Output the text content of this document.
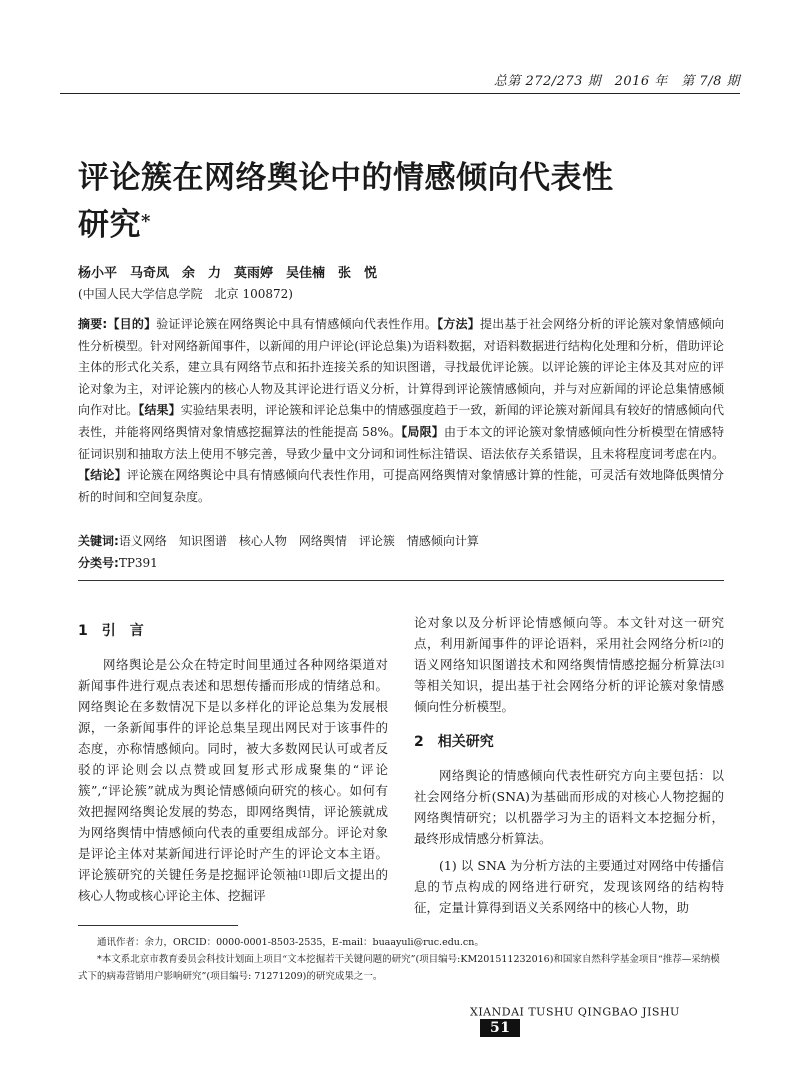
总第 272/273 期　2016 年　第 7/8 期
评论簇在网络舆论中的情感倾向代表性
研究*
杨小平　马奇凤　余　力　莫雨婷　吴佳楠　张　悦
(中国人民大学信息学院　北京 100872)
摘要:【目的】验证评论簇在网络舆论中具有情感倾向代表性作用。【方法】提出基于社会网络分析的评论簇对象情感倾向性分析模型。针对网络新闻事件，以新闻的用户评论(评论总集)为语料数据，对语料数据进行结构化处理和分析，借助评论主体的形式化关系，建立具有网络节点和拓扑连接关系的知识图谱，寻找最优评论簇。以评论簇的评论主体及其对应的评论对象为主，对评论簇内的核心人物及其评论进行语义分析，计算得到评论簇情感倾向，并与对应新闻的评论总集情感倾向作对比。【结果】实验结果表明，评论簇和评论总集中的情感强度趋于一致，新闻的评论簇对新闻具有较好的情感倾向代表性，并能将网络舆情对象情感挖掘算法的性能提高 58%。【局限】由于本文的评论簇对象情感倾向性分析模型在情感特征词识别和抽取方法上使用不够完善，导致少量中文分词和词性标注错误、语法依存关系错误，且未将程度词考虑在内。【结论】评论簇在网络舆论中具有情感倾向代表性作用，可提高网络舆情对象情感计算的性能，可灵活有效地降低舆情分析的时间和空间复杂度。
关键词:语义网络　知识图谱　核心人物　网络舆情　评论簇　情感倾向计算
分类号:TP391
1　引　言

网络舆论是公众在特定时间里通过各种网络渠道对新闻事件进行观点表述和思想传播而形成的情绪总和。网络舆论在多数情况下是以多样化的评论总集为发展根源，一条新闻事件的评论总集呈现出网民对于该事件的态度，亦称情感倾向。同时，被大多数网民认可或者反驳的评论则会以点赞或回复形式形成聚集的“评论簇”,“评论簇”就成为舆论情感倾向研究的核心。如何有效把握网络舆论发展的势态，即网络舆情，评论簇就成为网络舆情中情感倾向代表的重要组成部分。评论对象是评论主体对某新闻进行评论时产生的评论文本主语。评论簇研究的关键任务是挖掘评论领袖[1]即后文提出的核心人物或核心评论主体、挖掘评

论对象以及分析评论情感倾向等。本文针对这一研究点，利用新闻事件的评论语料，采用社会网络分析[2]的语义网络知识图谱技术和网络舆情情感挖掘分析算法[3]等相关知识，提出基于社会网络分析的评论簇对象情感倾向性分析模型。

2　相关研究

网络舆论的情感倾向代表性研究方向主要包括：以社会网络分析(SNA)为基础而形成的对核心人物挖掘的网络舆情研究；以机器学习为主的语料文本挖掘分析，最终形成情感分析算法。

(1) 以 SNA 为分析方法的主要通过对网络中传播信息的节点构成的网络进行研究，发现该网络的结构特征，定量计算得到语义关系网络中的核心人物，助

通讯作者：余力，ORCID：0000-0001-8503-2535，E-mail：buaayuli@ruc.edu.cn。

*本文系北京市教育委员会科技计划面上项目“文本挖掘若干关键问题的研究”(项目编号:KM201511232016)和国家自然科学基金项目“推荐—采纳模式下的病毒营销用户影响研究”(项目编号: 71271209)的研究成果之一。

XIANDAI TUSHU QINGBAO JISHU51
